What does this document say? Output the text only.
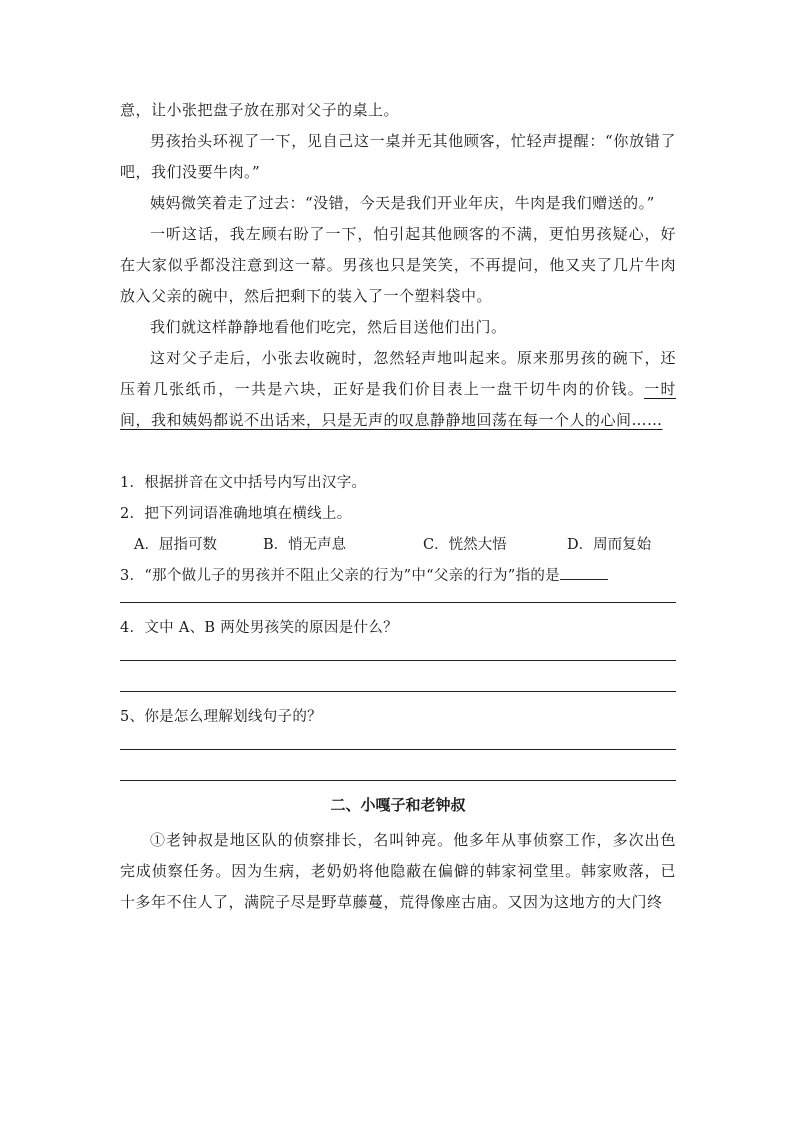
意，让小张把盘子放在那对父子的桌上。

男孩抬头环视了一下，见自己这一桌并无其他顾客，忙轻声提醒：“你放错了吧，我们没要牛肉。”

姨妈微笑着走了过去：“没错，今天是我们开业年庆，牛肉是我们赠送的。”

一听这话，我左顾右盼了一下，怕引起其他顾客的不满，更怕男孩疑心，好在大家似乎都没注意到这一幕。男孩也只是笑笑，不再提问，他又夹了几片牛肉放入父亲的碗中，然后把剩下的装入了一个塑料袋中。

我们就这样静静地看他们吃完，然后目送他们出门。

这对父子走后，小张去收碗时，忽然轻声地叫起来。原来那男孩的碗下，还压着几张纸币，一共是六块，正好是我们价目表上一盘干切牛肉的价钱。一时间，我和姨妈都说不出话来，只是无声的叹息静静地回荡在每一个人的心间……

1．根据拼音在文中括号内写出汉字。

2．把下列词语准确地填在横线上。

A．屈指可数	B．悄无声息	C．恍然大悟	D．周而复始

3．“那个做儿子的男孩并不阻止父亲的行为”中“父亲的行为”指的是

4．文中 A、B 两处男孩笑的原因是什么？

5、你是怎么理解划线句子的？

二、小嘎子和老钟叔

①老钟叔是地区队的侦察排长，名叫钟亮。他多年从事侦察工作，多次出色完成侦察任务。因为生病，老奶奶将他隐蔽在偏僻的韩家祠堂里。韩家败落，已十多年不住人了，满院子尽是野草藤蔓，荒得像座古庙。又因为这地方的大门终
